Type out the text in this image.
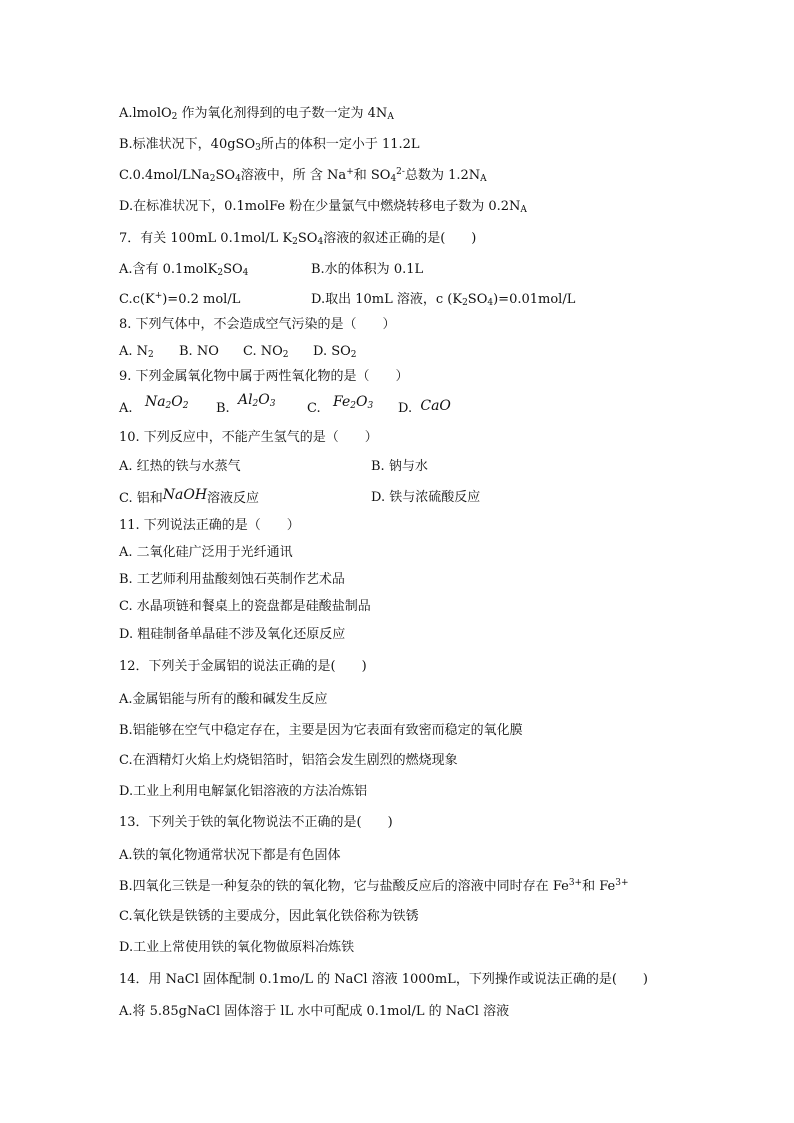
A.lmolO$_2$ 作为氧化剂得到的电子数一定为 $4N_A$
B.标准状况下，40gSO$_3$所占的体积一定小于 11.2L
$C.0.4mol/LNa_2SO_4$溶液中，所 含 Na+和 $SO_4^{2-}$总数为 $1.2N_A$
D.在标准状况下，0.1molFe 粉在少量氯气中燃烧转移电子数为 $0.2N_A$
7．有关 100mL 0.1mol/L $K_2SO_4$溶液的叙述正确的是(　　)
A.含有 $0.1molK_2SO_4$	B.水的体积为 0.1L
C.c(K+)=0.2 mol/L	D.取出 10mL 溶液，c $(K_2SO_4)=0.01mol/L$
8. 下列气体中，不会造成空气污染的是（　　）
A. $N_2$ B. NO C. $NO_2$ D. $SO_2$
9. 下列金属氧化物中属于两性氧化物的是（　　）
A. $Na_2O_2$ B.  $Al_2O_3$ C. $Fe_2O_3$ D. CaO
10. 下列反应中，不能产生氢气的是（　　）
A. 红热的铁与水蒸气	B. 钠与水
C. 铝和NaOH溶液反应	D. 铁与浓硫酸反应
11. 下列说法正确的是（　　）
A. 二氧化硅广泛用于光纤通讯
B. 工艺师利用盐酸刻蚀石英制作艺术品
C. 水晶项链和餐桌上的瓷盘都是硅酸盐制品
D. 粗硅制备单晶硅不涉及氧化还原反应
12．下列关于金属铝的说法正确的是(　　)
A.金属铝能与所有的酸和碱发生反应
B.铝能够在空气中稳定存在，主要是因为它表面有致密而稳定的氧化膜
C.在酒精灯火焰上灼烧铝箔时，铝箔会发生剧烈的燃烧现象
D.工业上利用电解氯化铝溶液的方法冶炼铝
13．下列关于铁的氧化物说法不正确的是(　　)
A.铁的氧化物通常状况下都是有色固体
B.四氧化三铁是一种复杂的铁的氧化物，它与盐酸反应后的溶液中同时存在 $Fe^{3+}$和 $Fe^{3+}$
C.氧化铁是铁锈的主要成分，因此氧化铁俗称为铁锈
D.工业上常使用铁的氧化物做原料冶炼铁
14．用 NaCl 固体配制 0.1mo/L 的 NaCl 溶液 1000mL，下列操作或说法正确的是(　　)
A.将 5.85gNaCl 固体溶于 lL 水中可配成 0.1mol/L 的 NaCl 溶液
